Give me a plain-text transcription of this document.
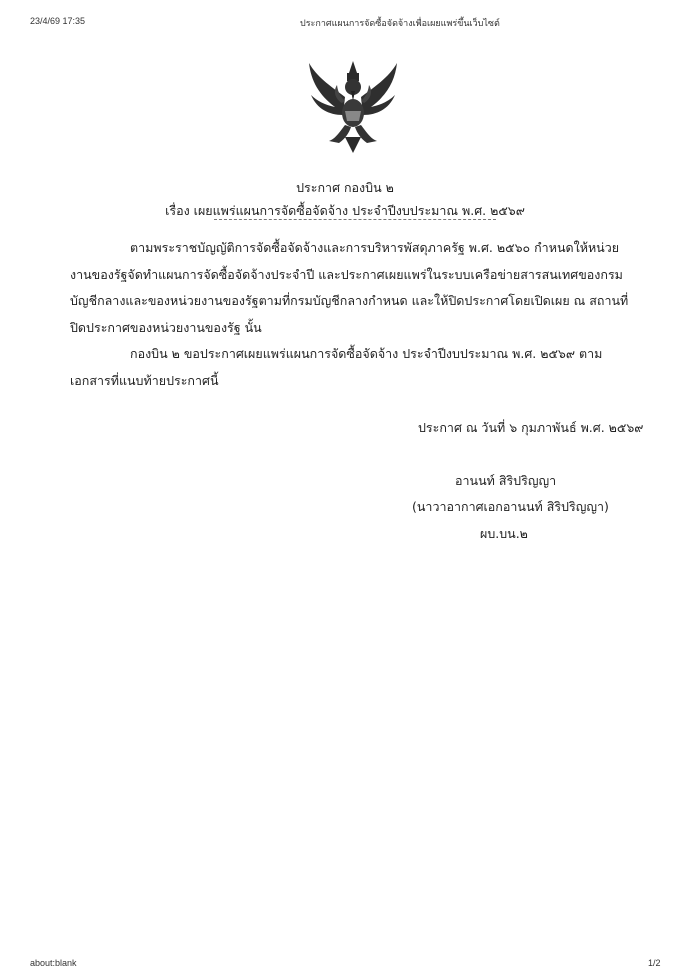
23/4/69 17:35	ประกาศแผนการจัดซื้อจัดจ้างเพื่อเผยแพร่ขึ้นเว็บไซต์
ประกาศ กองบิน ๒
เรื่อง เผยแพร่แผนการจัดซื้อจัดจ้าง ประจำปีงบประมาณ พ.ศ. ๒๕๖๙

ตามพระราชบัญญัติการจัดซื้อจัดจ้างและการบริหารพัสดุภาครัฐ พ.ศ. ๒๕๖๐ กำหนดให้หน่วยงานของรัฐจัดทำแผนการจัดซื้อจัดจ้างประจำปี และประกาศเผยแพร่ในระบบเครือข่ายสารสนเทศของกรมบัญชีกลางและของหน่วยงานของรัฐตามที่กรมบัญชีกลางกำหนด และให้ปิดประกาศโดยเปิดเผย ณ สถานที่ปิดประกาศของหน่วยงานของรัฐ นั้น

กองบิน ๒ ขอประกาศเผยแพร่แผนการจัดซื้อจัดจ้าง ประจำปีงบประมาณ พ.ศ. ๒๕๖๙ ตามเอกสารที่แนบท้ายประกาศนี้

ประกาศ ณ วันที่ ๖ กุมภาพันธ์ พ.ศ. ๒๕๖๙
อานนท์ สิริปริญญา
(นาวาอากาศเอกอานนท์ สิริปริญญา)
ผบ.บน.๒
about:blank	1/2
